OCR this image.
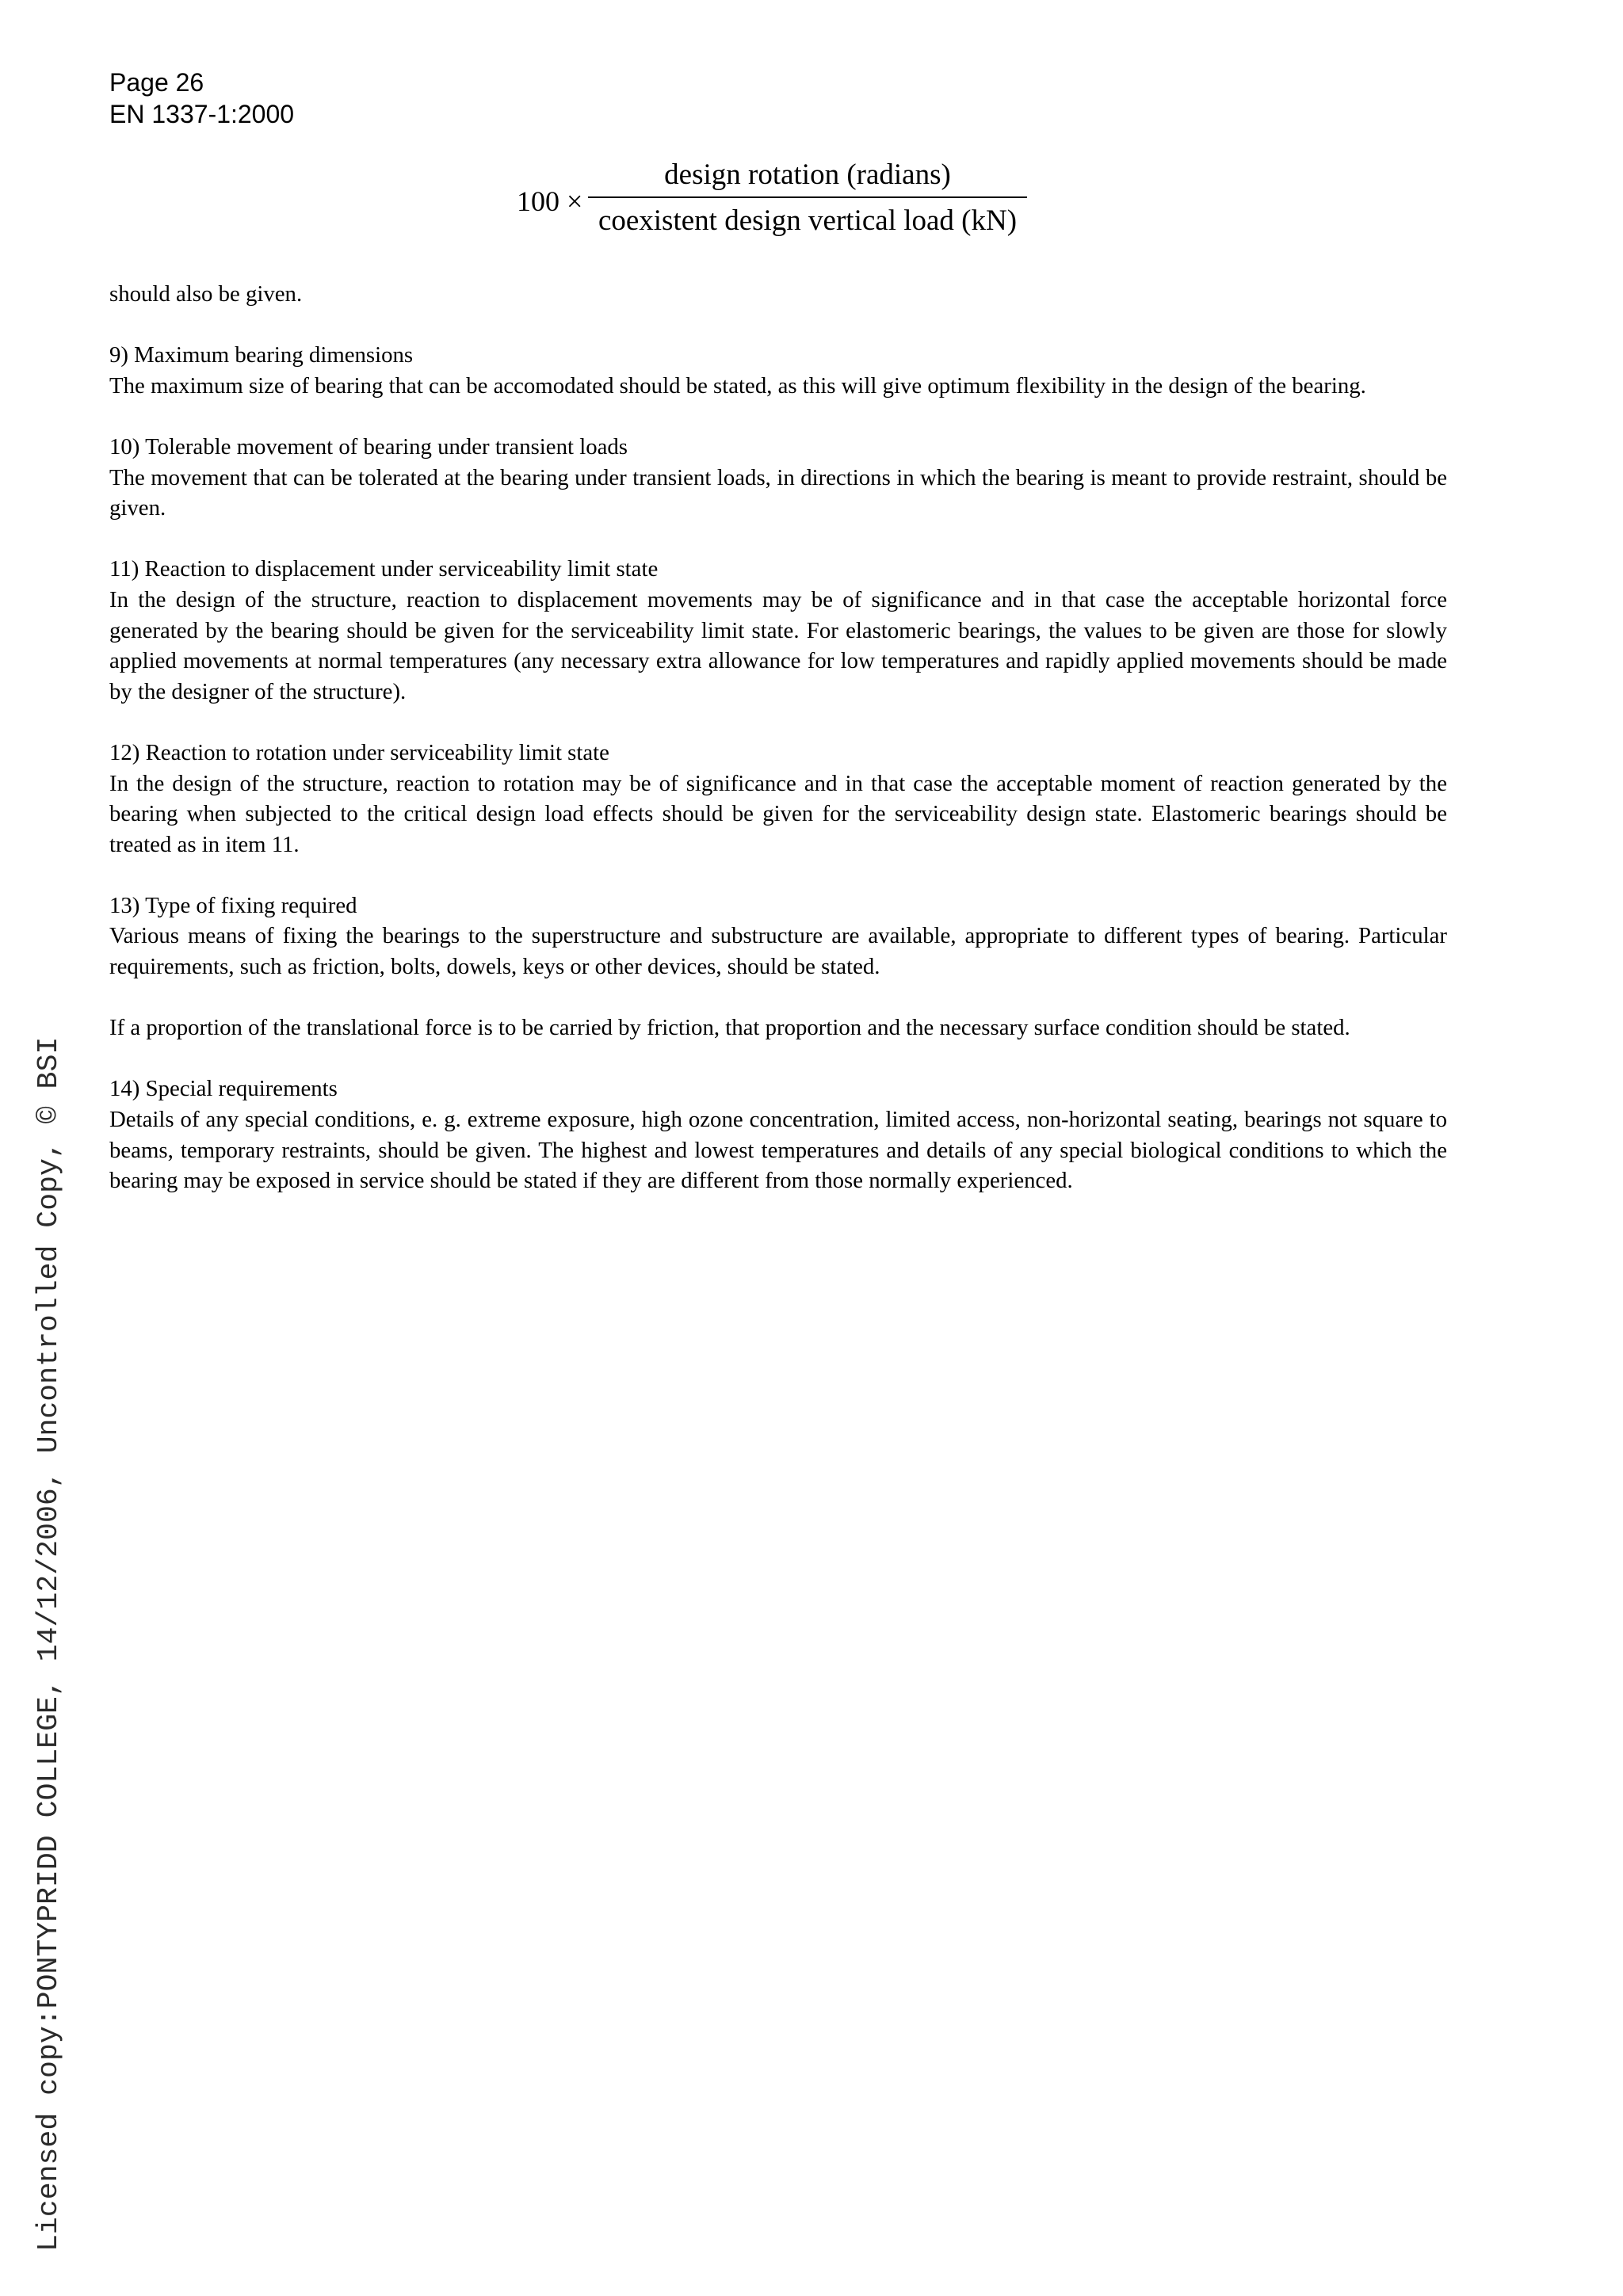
Page 26
EN 1337-1:2000
100 ×
design rotation (radians)
coexistent design vertical load (kN)

should also be given.

9) Maximum bearing dimensions

The maximum size of bearing that can be accomodated should be stated, as this will give optimum flexibility in the design of the bearing.

10) Tolerable movement of bearing under transient loads

The movement that can be tolerated at the bearing under transient loads, in directions in which the bearing is meant to provide restraint, should be given.

11) Reaction to displacement under serviceability limit state

In the design of the structure, reaction to displacement movements may be of significance and in that case the acceptable horizontal force generated by the bearing should be given for the serviceability limit state. For elastomeric bearings, the values to be given are those for slowly applied movements at normal temperatures (any necessary extra allowance for low temperatures and rapidly applied movements should be made by the designer of the structure).

12) Reaction to rotation under serviceability limit state

In the design of the structure, reaction to rotation may be of significance and in that case the acceptable moment of reaction generated by the bearing when subjected to the critical design load effects should be given for the serviceability design state. Elastomeric bearings should be treated as in item 11.

13) Type of fixing required

Various means of fixing the bearings to the superstructure and substructure are available, appropriate to different types of bearing. Particular requirements, such as friction, bolts, dowels, keys or other devices, should be stated.

If a proportion of the translational force is to be carried by friction, that proportion and the necessary surface condition should be stated.

14) Special requirements

Details of any special conditions, e. g. extreme exposure, high ozone concentration, limited access, non-horizontal seating, bearings not square to beams, temporary restraints, should be given. The highest and lowest temperatures and details of any special biological conditions to which the bearing may be exposed in service should be stated if they are different from those normally experienced.

Licensed copy:PONTYPRIDD COLLEGE, 14/12/2006, Uncontrolled Copy, © BSI
